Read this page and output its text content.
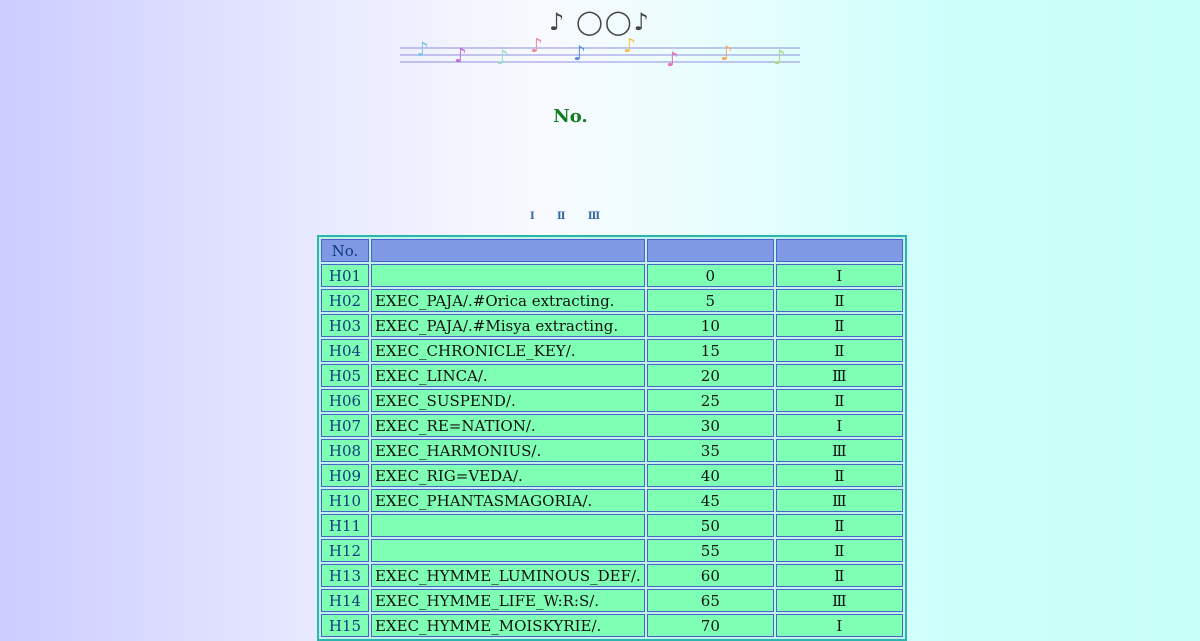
♪ ◯◯♪
♪ ♪ ♪ ♪ ♪ ♪
♪ ♪ ♪
No.
Ⅰ Ⅱ Ⅲ
No.			
H01		0	Ⅰ
H02	EXEC_PAJA/.#Orica extracting.	5	Ⅱ
H03	EXEC_PAJA/.#Misya extracting.	10	Ⅱ
H04	EXEC_CHRONICLE_KEY/.	15	Ⅱ
H05	EXEC_LINCA/.	20	Ⅲ
H06	EXEC_SUSPEND/.	25	Ⅱ
H07	EXEC_RE=NATION/.	30	Ⅰ
H08	EXEC_HARMONIUS/.	35	Ⅲ
H09	EXEC_RIG=VEDA/.	40	Ⅱ
H10	EXEC_PHANTASMAGORIA/.	45	Ⅲ
H11		50	Ⅱ
H12		55	Ⅱ
H13	EXEC_HYMME_LUMINOUS_DEF/.	60	Ⅱ
H14	EXEC_HYMME_LIFE_W:R:S/.	65	Ⅲ
H15	EXEC_HYMME_MOISKYRIE/.	70	Ⅰ
